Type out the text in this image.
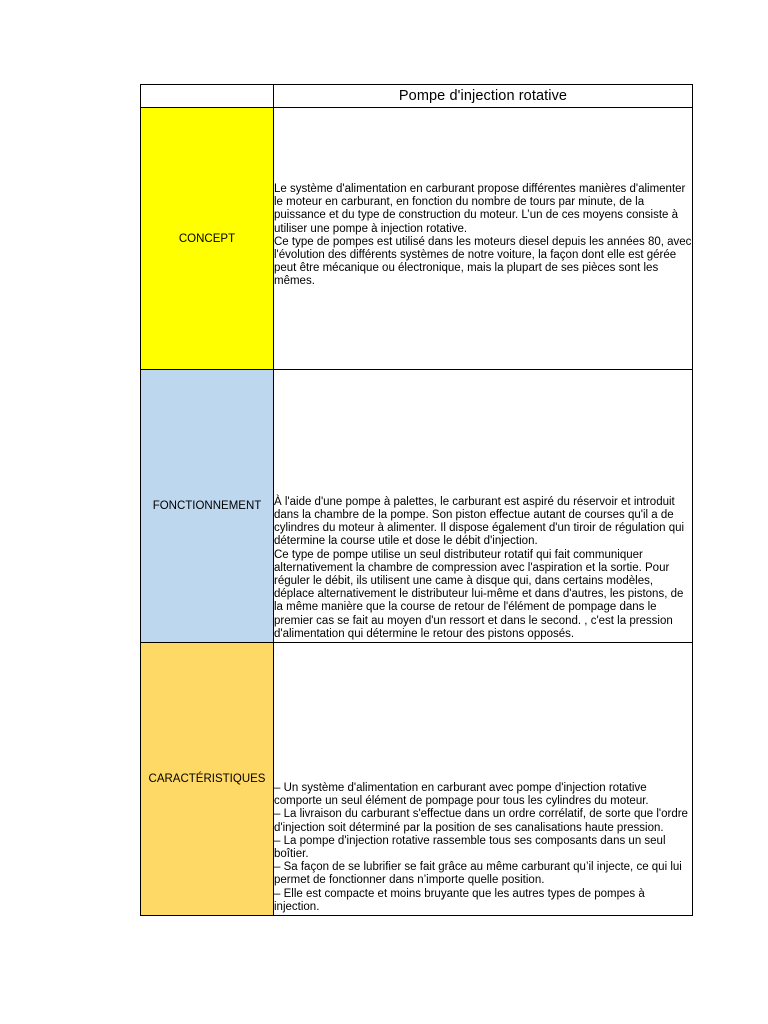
	Pompe d'injection rotative
CONCEPT	Le système d'alimentation en carburant propose différentes manières d'alimenter le moteur en carburant, en fonction du nombre de tours par minute, de la puissance et du type de construction du moteur. L’un de ces moyens consiste à utiliser une pompe à injection rotative.
Ce type de pompes est utilisé dans les moteurs diesel depuis les années 80, avec l'évolution des différents systèmes de notre voiture, la façon dont elle est gérée peut être mécanique ou électronique, mais la plupart de ses pièces sont les mêmes.

FONCTIONNEMENT	À l'aide d'une pompe à palettes, le carburant est aspiré du réservoir et introduit dans la chambre de la pompe. Son piston effectue autant de courses qu'il a de cylindres du moteur à alimenter. Il dispose également d'un tiroir de régulation qui détermine la course utile et dose le débit d'injection.
Ce type de pompe utilise un seul distributeur rotatif qui fait communiquer alternativement la chambre de compression avec l'aspiration et la sortie. Pour réguler le débit, ils utilisent une came à disque qui, dans certains modèles, déplace alternativement le distributeur lui-même et dans d'autres, les pistons, de la même manière que la course de retour de l'élément de pompage dans le premier cas se fait au moyen d'un ressort et dans le second. , c'est la pression d'alimentation qui détermine le retour des pistons opposés.

CARACTÉRISTIQUES	– Un système d'alimentation en carburant avec pompe d'injection rotative comporte un seul élément de pompage pour tous les cylindres du moteur.
– La livraison du carburant s'effectue dans un ordre corrélatif, de sorte que l'ordre d'injection soit déterminé par la position de ses canalisations haute pression.
– La pompe d'injection rotative rassemble tous ses composants dans un seul boîtier.
– Sa façon de se lubrifier se fait grâce au même carburant qu’il injecte, ce qui lui permet de fonctionner dans n’importe quelle position.
– Elle est compacte et moins bruyante que les autres types de pompes à injection.
